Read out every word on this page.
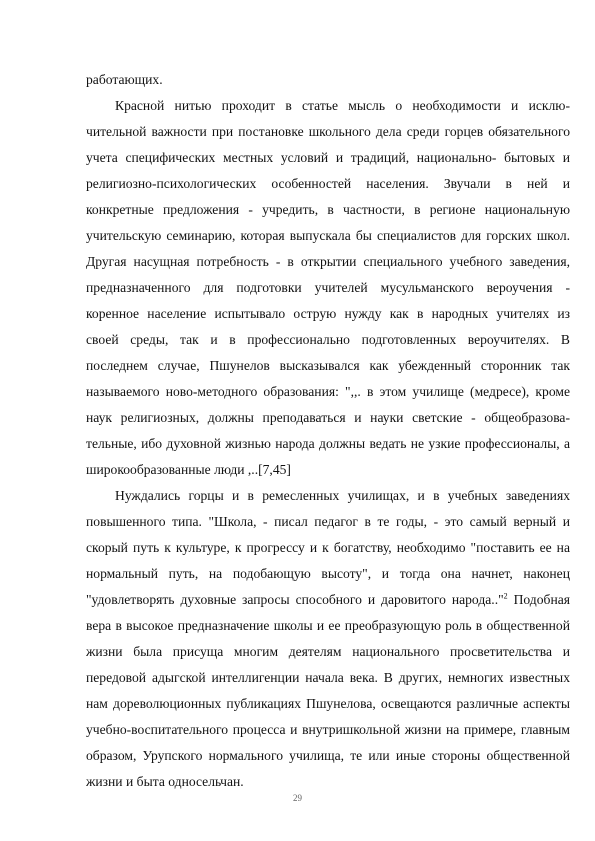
работающих.
Красной нитью проходит в статье мысль о необходимости и исклю-
чительной важности при постановке школьного дела среди горцев обязательного
учета специфических местных условий и традиций, национально- бытовых и
религиозно-психологических особенностей населения. Звучали в ней и
конкретные предложения - учредить, в частности, в регионе национальную
учительскую семинарию, которая выпускала бы специалистов для горских школ.
Другая насущная потребность - в открытии специального учебного заведения,
предназначенного для подготовки учителей мусульманского вероучения -
коренное население испытывало острую нужду как в народных учителях из
своей среды, так и в профессионально подготовленных вероучителях. В
последнем случае, Пшунелов высказывался как убежденный сторонник так
называемого ново-методного образования: ",,. в этом училище (медресе), кроме
наук религиозных, должны преподаваться и науки светские - общеобразова-
тельные, ибо духовной жизнью народа должны ведать не узкие профессионалы, а
широкообразованные люди ,..[7,45]
Нуждались горцы и в ремесленных училищах, и в учебных заведениях
повышенного типа. "Школа, - писал педагог в те годы, - это самый верный и
скорый путь к культуре, к прогрессу и к богатству, необходимо "поставить ее на
нормальный путь, на подобающую высоту", и тогда она начнет, наконец
"удовлетворять духовные запросы способного и даровитого народа.."$^2$ Подобная
вера в высокое предназначение школы и ее преобразующую роль в общественной
жизни была присуща многим деятелям национального просветительства и
передовой адыгской интеллигенции начала века. В других, немногих известных
нам дореволюционных публикациях Пшунелова, освещаются различные аспекты
учебно-воспитательного процесса и внутришкольной жизни на примере, главным
образом, Урупского нормального училища, те или иные стороны общественной
жизни и быта односельчан.
29
